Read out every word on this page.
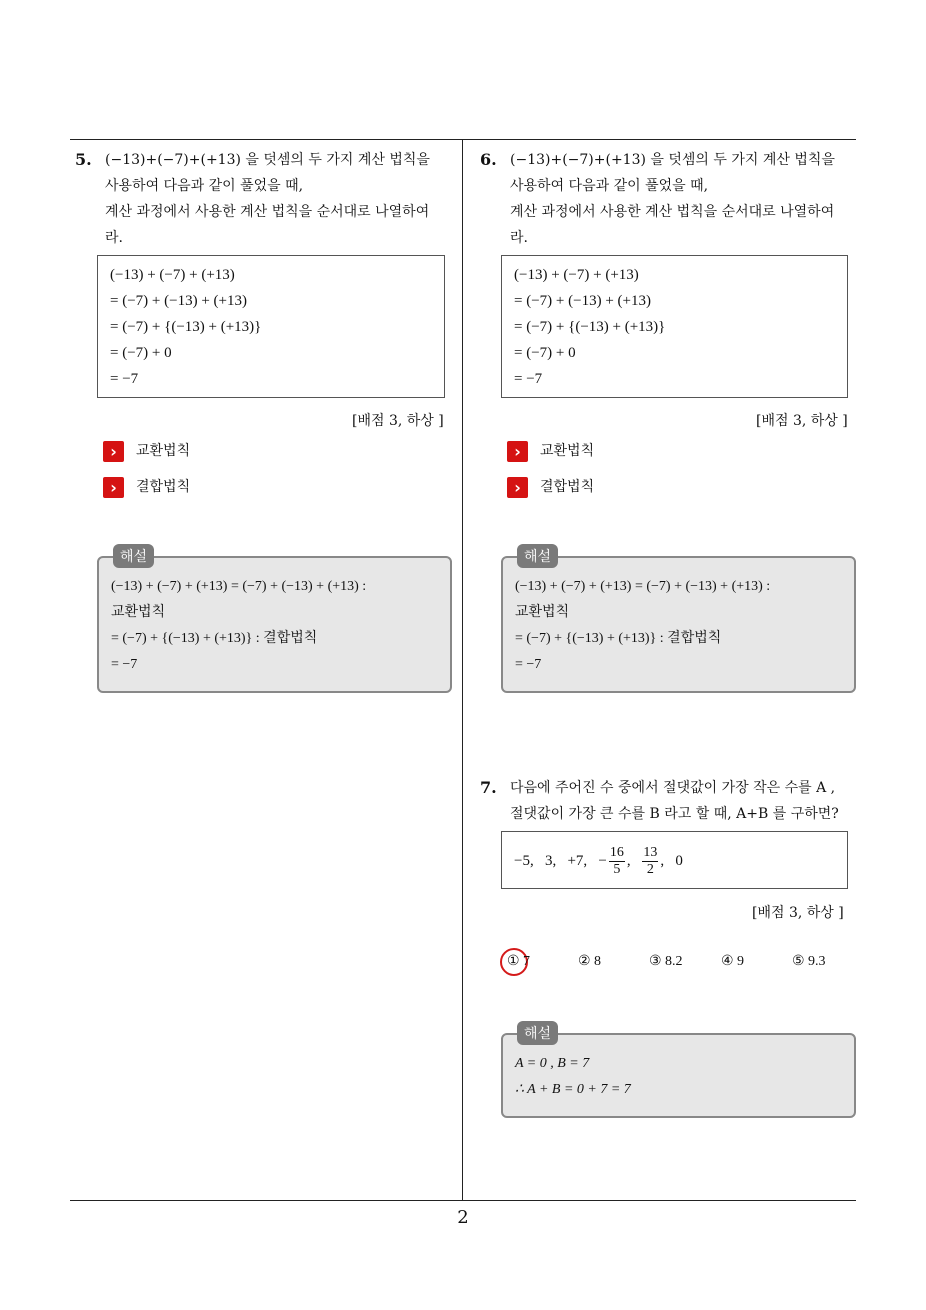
5. (−13)+(−7)+(+13) 을 덧셈의 두 가지 계산 법칙을
사용하여 다음과 같이 풀었을 때,
계산 과정에서 사용한 계산 법칙을 순서대로 나열하여
라.
(−13) + (−7) + (+13)
= (−7) + (−13) + (+13)
= (−7) + {(−13) + (+13)}
= (−7) + 0
= −7
[배점 3, 하상 ]
› 교환법칙
› 결합법칙
해설
(−13) + (−7) + (+13) = (−7) + (−13) + (+13) :
교환법칙
= (−7) + {(−13) + (+13)} : 결합법칙
= −7
6. (−13)+(−7)+(+13) 을 덧셈의 두 가지 계산 법칙을
사용하여 다음과 같이 풀었을 때,
계산 과정에서 사용한 계산 법칙을 순서대로 나열하여
라.
(−13) + (−7) + (+13)
= (−7) + (−13) + (+13)
= (−7) + {(−13) + (+13)}
= (−7) + 0
= −7
[배점 3, 하상 ]
› 교환법칙
› 결합법칙
해설
(−13) + (−7) + (+13) = (−7) + (−13) + (+13) :
교환법칙
= (−7) + {(−13) + (+13)} : 결합법칙
= −7
7. 다음에 주어진 수 중에서 절댓값이 가장 작은 수를 A ,
절댓값이 가장 큰 수를 B 라고 할 때, A+B 를 구하면?
−5,   3,   +7,   − $\frac{16}{5}$ , $\frac{13}{2}$ ,   0
[배점 3, 하상 ]
① 7	② 8	③ 8.2	④ 9	⑤ 9.3
해설
A = 0 , B = 7
∴ A + B = 0 + 7 = 7
2
